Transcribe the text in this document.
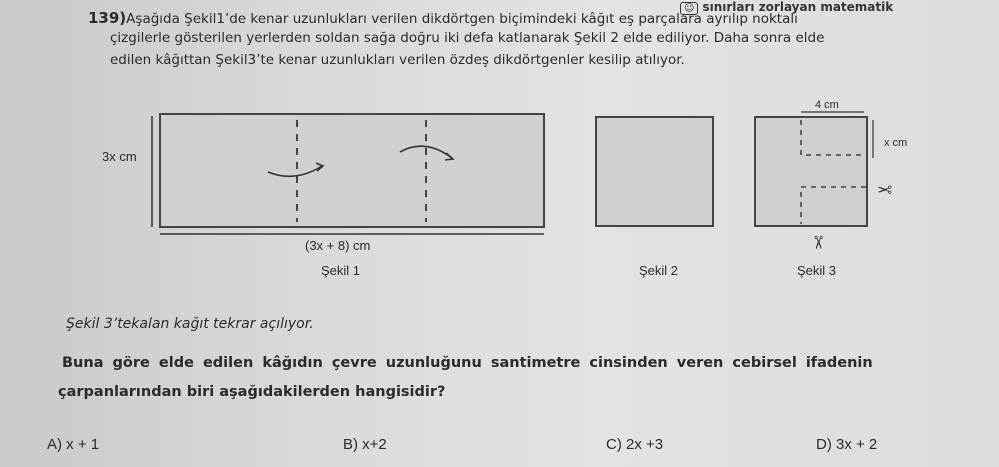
☺ sınırları zorlayan matematik
139)Aşağıda Şekil1’de kenar uzunlukları verilen dikdörtgen biçimindeki kâğıt eş parçalara ayrılıp noktalı
çizgilerle gösterilen yerlerden soldan sağa doğru iki defa katlanarak Şekil 2 elde ediliyor. Daha sonra elde
edilen kâğıttan Şekil3’te kenar uzunlukları verilen özdeş dikdörtgenler kesilip atılıyor.
3x cm
(3x + 8) cm
Şekil 1	Şekil 2
4 cm
x cm
Şekil 3
✂
✂
Şekil 3’tekalan kağıt tekrar açılıyor.
Buna göre elde edilen kâğıdın çevre uzunluğunu santimetre cinsinden veren cebirsel ifadenin
çarpanlarından biri aşağıdakilerden hangisidir?
A) x + 1	B) x+2	C) 2x +3	D) 3x + 2
